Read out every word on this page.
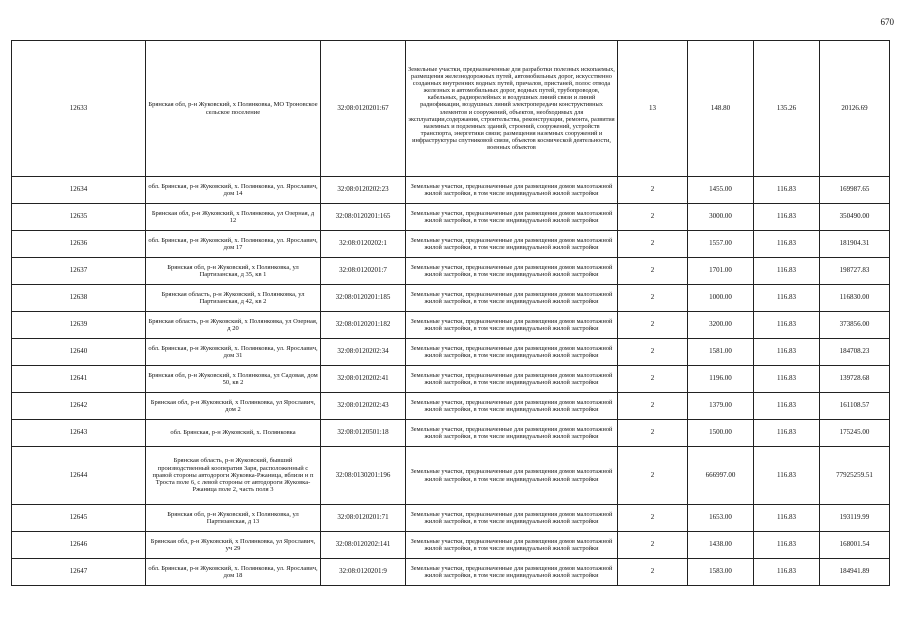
670
12633	Брянская обл, р-н Жуковский, х Полянковка, МО Троновское сельское поселение	32:08:0120201:67	Земельные участки, предназначенные для разработки полезных ископаемых, размещения железнодорожных путей, автомобильных дорог, искусственно созданных внутренних водных путей, причалов, пристаней, полос отвода железных и автомобильных дорог, водных путей, трубопроводов, кабельных, радиорелейных и воздушных линий связи и линий радиофикации, воздушных линий электропередачи конструктивных элементов и сооружений, объектов, необходимых для эксплуатации,содержания, строительства, реконструкции, ремонта, развития наземных и подземных зданий, строений, сооружений, устройств транспорта, энергетики связи; размещения наземных сооружений и инфраструктуры спутниковой связи, объектов космической деятельности, военных объектов	13	148.80	135.26	20126.69
12634	обл. Брянская, р-н Жуковский, х. Полянковка, ул. Ярославич, дом 14	32:08:0120202:23	Земельные участки, предназначенные для размещения домов малоэтажной жилой застройки, в том числе индивидуальной жилой застройки	2	1455.00	116.83	169987.65
12635	Брянская обл, р-н Жуковский, х Полянковка, ул Озерная, д 12	32:08:0120201:165	Земельные участки, предназначенные для размещения домов малоэтажной жилой застройки, в том числе индивидуальной жилой застройки	2	3000.00	116.83	350490.00
12636	обл. Брянская, р-н Жуковский, х. Полянковка, ул. Ярославич, дом 17	32:08:0120202:1	Земельные участки, предназначенные для размещения домов малоэтажной жилой застройки, в том числе индивидуальной жилой застройки	2	1557.00	116.83	181904.31
12637	Брянская обл, р-н Жуковский, х Полянковка, ул Партизанская, д 35, кв 1	32:08:0120201:7	Земельные участки, предназначенные для размещения домов малоэтажной жилой застройки, в том числе индивидуальной жилой застройки	2	1701.00	116.83	198727.83
12638	Брянская область, р-н Жуковский, х Полянковка, ул Партизанская, д 42, кв 2	32:08:0120201:185	Земельные участки, предназначенные для размещения домов малоэтажной жилой застройки, в том числе индивидуальной жилой застройки	2	1000.00	116.83	116830.00
12639	Брянская область, р-н Жуковский, х Полянковка, ул Озерная, д 20	32:08:0120201:182	Земельные участки, предназначенные для размещения домов малоэтажной жилой застройки, в том числе индивидуальной жилой застройки	2	3200.00	116.83	373856.00
12640	обл. Брянская, р-н Жуковский, х. Полянковка, ул. Ярославич, дом 31	32:08:0120202:34	Земельные участки, предназначенные для размещения домов малоэтажной жилой застройки, в том числе индивидуальной жилой застройки	2	1581.00	116.83	184708.23
12641	Брянская обл, р-н Жуковский, х Полянковка, ул Садовая, дом 50, кв 2	32:08:0120202:41	Земельные участки, предназначенные для размещения домов малоэтажной жилой застройки, в том числе индивидуальной жилой застройки	2	1196.00	116.83	139728.68
12642	Брянская обл, р-н Жуковский, х Полянковка, ул Ярославич, дом 2	32:08:0120202:43	Земельные участки, предназначенные для размещения домов малоэтажной жилой застройки, в том числе индивидуальной жилой застройки	2	1379.00	116.83	161108.57
12643	обл. Брянская, р-н Жуковский, х. Полянковка	32:08:0120501:18	Земельные участки, предназначенные для размещения домов малоэтажной жилой застройки, в том числе индивидуальной жилой застройки	2	1500.00	116.83	175245.00
12644	Брянская область, р-н Жуковский, бывший производственный кооператив Заря, расположенный с правой стороны автодороги Жуковка-Ржаница, вблизи н п Троста поле 6, с левой стороны от автодороги Жуковка-Ржаница поле 2, часть поля 3	32:08:0130201:196	Земельные участки, предназначенные для размещения домов малоэтажной жилой застройки, в том числе индивидуальной жилой застройки	2	666997.00	116.83	77925259.51
12645	Брянская обл, р-н Жуковский, х Полянковка, ул Партизанская, д 13	32:08:0120201:71	Земельные участки, предназначенные для размещения домов малоэтажной жилой застройки, в том числе индивидуальной жилой застройки	2	1653.00	116.83	193119.99
12646	Брянская обл, р-н Жуковский, х Полянковка, ул Ярославич, уч 29	32:08:0120202:141	Земельные участки, предназначенные для размещения домов малоэтажной жилой застройки, в том числе индивидуальной жилой застройки	2	1438.00	116.83	168001.54
12647	обл. Брянская, р-н Жуковский, х. Полянковка, ул. Ярославич, дом 18	32:08:0120201:9	Земельные участки, предназначенные для размещения домов малоэтажной жилой застройки, в том числе индивидуальной жилой застройки	2	1583.00	116.83	184941.89
